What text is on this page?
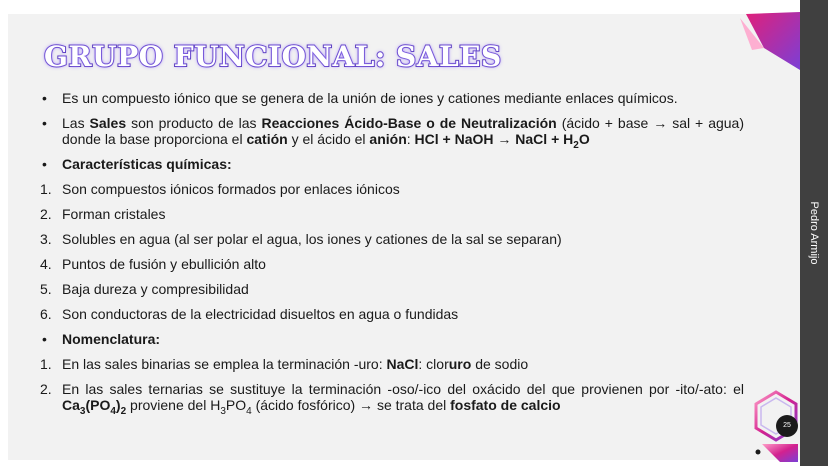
Pedro Armijo
GRUPO FUNCIONAL: SALES
•	Es un compuesto iónico que se genera de la unión de iones y cationes mediante enlaces químicos.
•	Las Sales son producto de las Reacciones Ácido-Base o de Neutralización (ácido + base → sal + agua) donde la base proporciona el catión y el ácido el anión: HCl + NaOH → NaCl + $H_2O$
•	Características químicas:
1. Son compuestos iónicos formados por enlaces iónicos
2. Forman cristales
3. Solubles en agua (al ser polar el agua, los iones y cationes de la sal se separan)
4. Puntos de fusión y ebullición alto
5. Baja dureza y compresibilidad
6. Son conductoras de la electricidad disueltos en agua o fundidas
•	Nomenclatura:
1. En las sales binarias se emplea la terminación -uro: NaCl: cloruro de sodio
2. En las sales ternarias se sustituye la terminación -oso/-ico del oxácido del que provienen por -ito/-ato: el $Ca_3(PO_4)_2$ proviene del $H_3PO_4$ (ácido fosfórico) → se trata del fosfato de calcio
25
